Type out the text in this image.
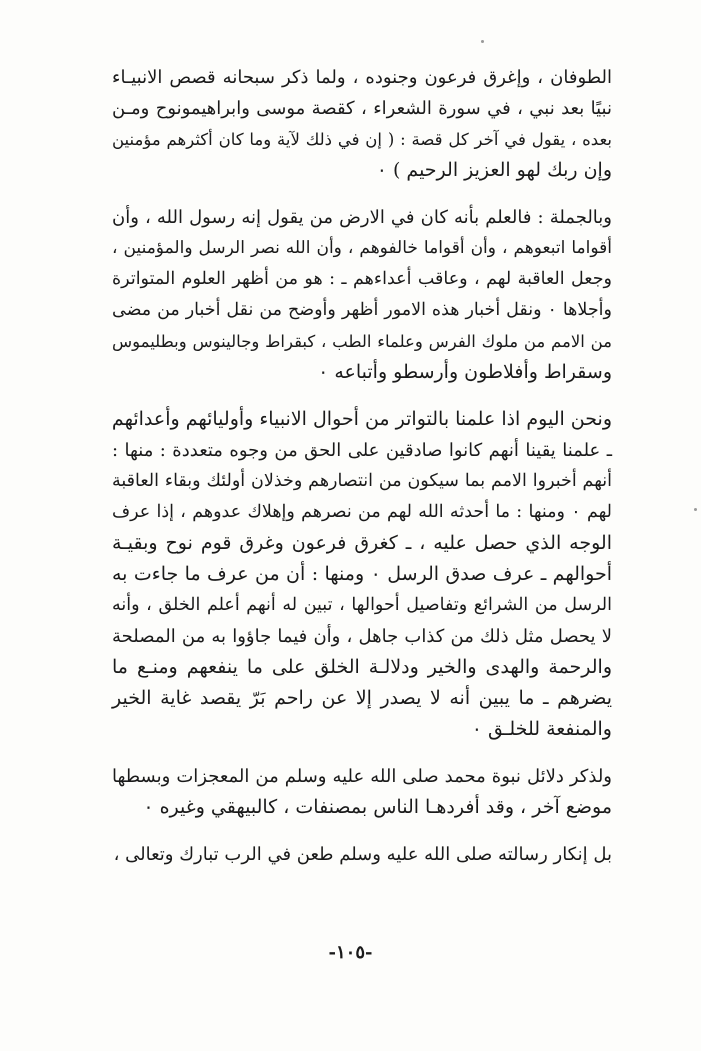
الطوفان ، وإغرق فرعون وجنوده ، ولما ذكر سبحانه قصص الانبيـاء
نبيًا بعد نبي ، في سورة الشعراء ، كقصة موسى وابراهيمونوح ومـن
بعده ، يقول في آخر كل قصة : ( إن في ذلك لآية وما كان أكثرهم مؤمنين
وإن ربك لهو العزيز الرحيم ) ٠

وبالجملة : فالعلم بأنه كان في الارض من يقول إنه رسول الله ، وأن
أقواما اتبعوهم ، وأن أقواما خالفوهم ، وأن الله نصر الرسل والمؤمنين ،
وجعل العاقبة لهم ، وعاقب أعداءهم ـ : هو من أظهر العلوم المتواترة
وأجلاها ٠ ونقل أخبار هذه الامور أظهر وأوضح من نقل أخبار من مضى
من الامم من ملوك الفرس وعلماء الطب ، كبقراط وجالينوس وبطليموس
وسقراط وأفلاطون وأرسطو وأتباعه ٠

ونحن اليوم اذا علمنا بالتواتر من أحوال الانبياء وأوليائهم وأعدائهم
ـ علمنا يقينا أنهم كانوا صادقين على الحق من وجوه متعددة : منها :
أنهم أخبروا الامم بما سيكون من انتصارهم وخذلان أولئك وبقاء العاقبة
لهم ٠ ومنها : ما أحدثه الله لهم من نصرهم وإهلاك عدوهم ، إذا عرف
الوجه الذي حصل عليه ، ـ كغرق فرعون وغرق قوم نوح وبقيـة
أحوالهم ـ عرف صدق الرسل ٠ ومنها : أن من عرف ما جاءت به
الرسل من الشرائع وتفاصيل أحوالها ، تبين له أنهم أعلم الخلق ، وأنه
لا يحصل مثل ذلك من كذاب جاهل ، وأن فيما جاؤوا به من المصلحة
والرحمة والهدى والخير ودلالـة الخلق على ما ينفعهم ومنـع ما
يضرهم ـ ما يبين أنه لا يصدر إلا عن راحم بَرّ يقصد غاية الخير
والمنفعة للخلـق ٠

ولذكر دلائل نبوة محمد صلى الله عليه وسلم من المعجزات وبسطها
موضع آخر ، وقد أفردهـا الناس بمصنفات ، كالبيهقي وغيره ٠

بل إنكار رسالته صلى الله عليه وسلم طعن في الرب تبارك وتعالى ،

-١٠٥-
